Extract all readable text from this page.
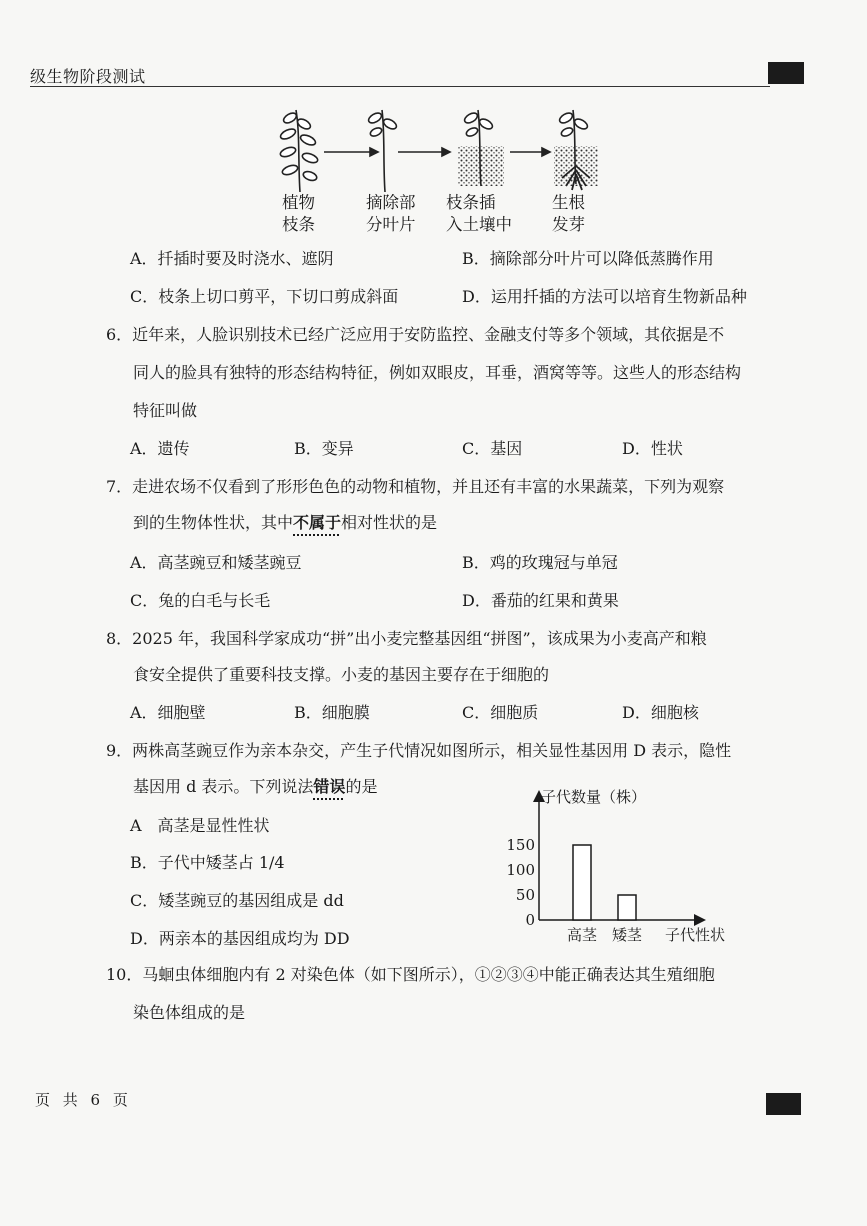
级生物阶段测试
植物
枝条
摘除部
分叶片
枝条插
入土壤中
生根
发芽
A．扦插时要及时浇水、遮阴	B．摘除部分叶片可以降低蒸腾作用
C．枝条上切口剪平，下切口剪成斜面	D．运用扦插的方法可以培育生物新品种
6．近年来，人脸识别技术已经广泛应用于安防监控、金融支付等多个领域，其依据是不
同人的脸具有独特的形态结构特征，例如双眼皮，耳垂，酒窝等等。这些人的形态结构
特征叫做
A．遗传	B．变异	C．基因	D．性状
7．走进农场不仅看到了形形色色的动物和植物，并且还有丰富的水果蔬菜，下列为观察
到的生物体性状，其中不属于相对性状的是
A．高茎豌豆和矮茎豌豆	B．鸡的玫瑰冠与单冠
C．兔的白毛与长毛	D．番茄的红果和黄果
8．2025 年，我国科学家成功“拼”出小麦完整基因组“拼图”，该成果为小麦高产和粮
食安全提供了重要科技支撑。小麦的基因主要存在于细胞的
A．细胞壁	B．细胞膜	C．细胞质	D．细胞核
9．两株高茎豌豆作为亲本杂交，产生子代情况如图所示，相关显性基因用 D 表示，隐性
基因用 d 表示。下列说法错误的是
A　高茎是显性性状
B．子代中矮茎占 1/4
C．矮茎豌豆的基因组成是 dd
D．两亲本的基因组成均为 DD
子代数量（株）
子代性状
0
50
100
150
高茎 矮茎
10．马蛔虫体细胞内有 2 对染色体（如下图所示），①②③④中能正确表达其生殖细胞
染色体组成的是
页 共 6 页
